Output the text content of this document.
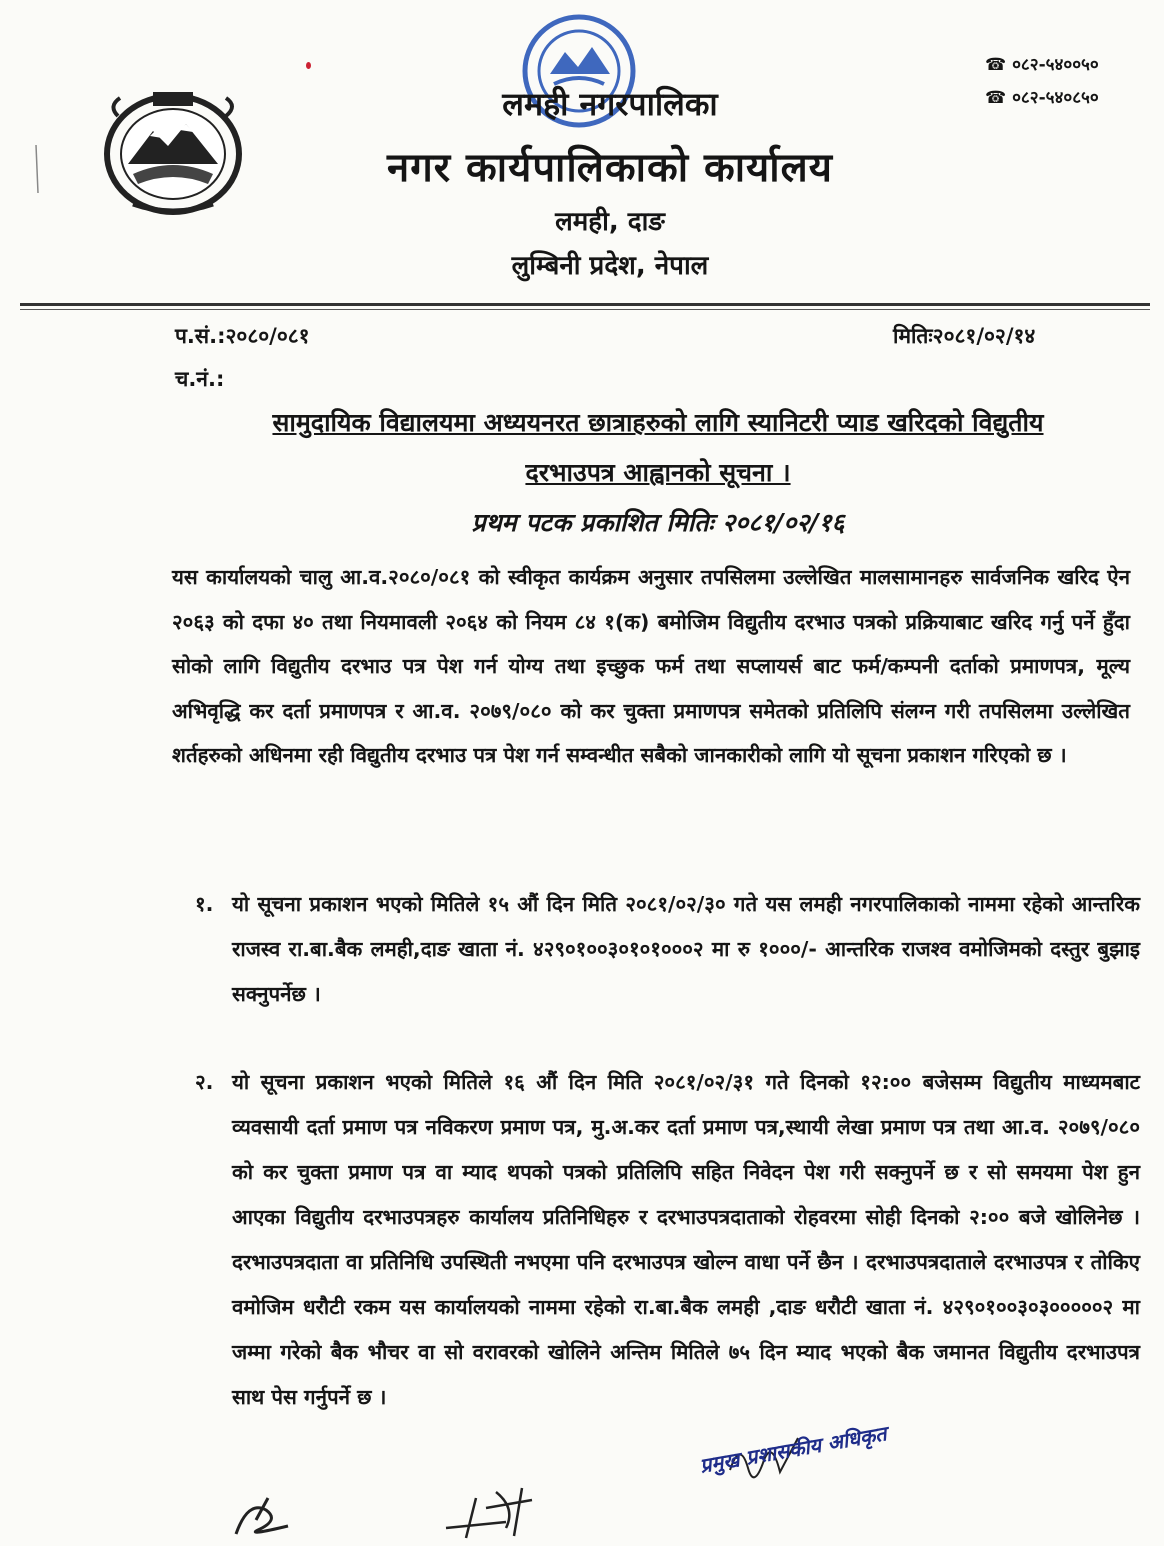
लमही नगरपालिका
नगर कार्यपालिकाको कार्यालय
लमही, दाङ
लुम्बिनी प्रदेश, नेपाल
☎ ०८२-५४००५०
☎ ०८२-५४०८५०
प.सं.:२०८०/०८१	मितिः२०८१/०२/१४
च.नं.:
सामुदायिक विद्यालयमा अध्ययनरत छात्राहरुको लागि स्यानिटरी प्याड खरिदको विद्युतीय
दरभाउपत्र आह्वानको सूचना ।
प्रथम पटक प्रकाशित मितिः २०८१/०२/१६
यस कार्यालयको चालु आ.व.२०८०/०८१ को स्वीकृत कार्यक्रम अनुसार तपसिलमा उल्लेखित मालसामानहरु सार्वजनिक खरिद ऐन २०६३ को दफा ४० तथा नियमावली २०६४ को नियम ८४ १(क) बमोजिम विद्युतीय दरभाउ पत्रको प्रक्रियाबाट खरिद गर्नु पर्ने हुँदा सोको लागि विद्युतीय दरभाउ पत्र पेश गर्न योग्य तथा इच्छुक फर्म तथा सप्लायर्स बाट फर्म/कम्पनी दर्ताको प्रमाणपत्र, मूल्य अभिवृद्धि कर दर्ता प्रमाणपत्र र आ.व. २०७९/०८० को कर चुक्ता प्रमाणपत्र समेतको प्रतिलिपि संलग्न गरी तपसिलमा उल्लेखित शर्तहरुको अधिनमा रही विद्युतीय दरभाउ पत्र पेश गर्न सम्वन्धीत सबैको जानकारीको लागि यो सूचना प्रकाशन गरिएको छ ।
१. यो सूचना प्रकाशन भएको मितिले १५ औं दिन मिति २०८१/०२/३० गते यस लमही नगरपालिकाको नाममा रहेको आन्तरिक राजस्व रा.बा.बैक लमही,दाङ खाता नं. ४२९०१००३०१०१०००२ मा रु १०००/- आन्तरिक राजश्व वमोजिमको दस्तुर बुझाइ सक्नुपर्नेछ ।
२. यो सूचना प्रकाशन भएको मितिले १६ औं दिन मिति २०८१/०२/३१ गते दिनको १२:०० बजेसम्म विद्युतीय माध्यमबाट व्यवसायी दर्ता प्रमाण पत्र नविकरण प्रमाण पत्र, मु.अ.कर दर्ता प्रमाण पत्र,स्थायी लेखा प्रमाण पत्र तथा आ.व. २०७९/०८० को कर चुक्ता प्रमाण पत्र वा म्याद थपको पत्रको प्रतिलिपि सहित निवेदन पेश गरी सक्नुपर्ने छ र सो समयमा पेश हुन आएका विद्युतीय दरभाउपत्रहरु कार्यालय प्रतिनिधिहरु र दरभाउपत्रदाताको रोहवरमा सोही दिनको २:०० बजे खोलिनेछ । दरभाउपत्रदाता वा प्रतिनिधि उपस्थिती नभएमा पनि दरभाउपत्र खोल्न वाधा पर्ने छैन । दरभाउपत्रदाताले दरभाउपत्र र तोकिए वमोजिम धरौटी रकम यस कार्यालयको नाममा रहेको रा.बा.बैक लमही ,दाङ धरौटी खाता नं. ४२९०१००३०३०००००२ मा जम्मा गरेको बैक भौचर वा सो वरावरको खोलिने अन्तिम मितिले ७५ दिन म्याद भएको बैक जमानत विद्युतीय दरभाउपत्र साथ पेस गर्नुपर्ने छ ।
प्रमुख प्रशासकीय अधिकृत
